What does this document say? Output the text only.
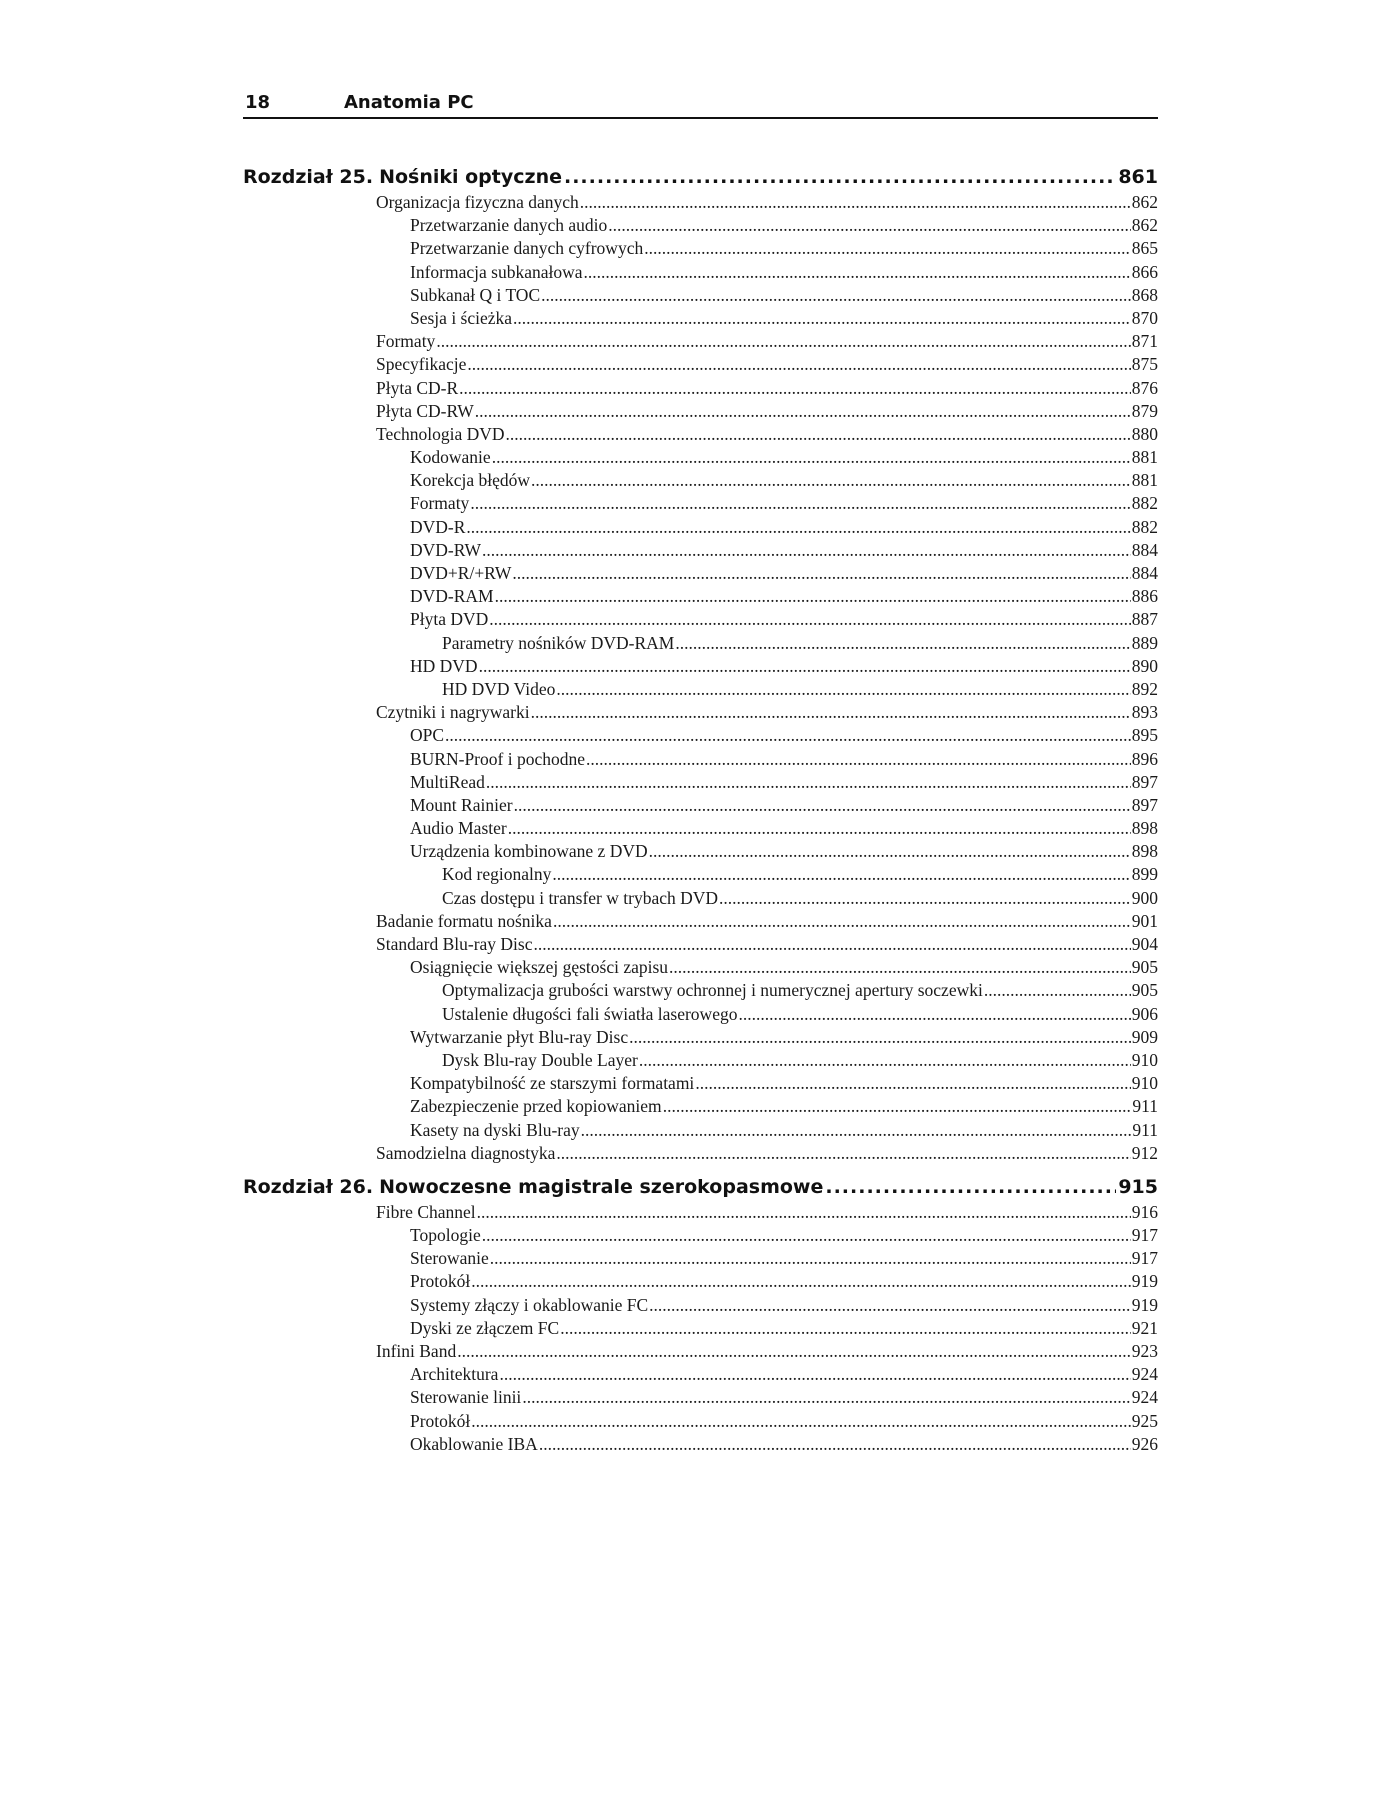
18	Anatomia PC
Rozdział 25. Nośniki optyczne .....	861
Organizacja fizyczna danych .....	862
Przetwarzanie danych audio .....	862
Przetwarzanie danych cyfrowych .....	865
Informacja subkanałowa .....	866
Subkanał Q i TOC .....	868
Sesja i ścieżka .....	870
Formaty .....	871
Specyfikacje .....	875
Płyta CD-R .....	876
Płyta CD-RW .....	879
Technologia DVD .....	880
Kodowanie .....	881
Korekcja błędów .....	881
Formaty .....	882
DVD-R .....	882
DVD-RW .....	884
DVD+R/+RW .....	884
DVD-RAM .....	886
Płyta DVD .....	887
Parametry nośników DVD-RAM .....	889
HD DVD .....	890
HD DVD Video .....	892
Czytniki i nagrywarki .....	893
OPC .....	895
BURN-Proof i pochodne .....	896
MultiRead .....	897
Mount Rainier .....	897
Audio Master .....	898
Urządzenia kombinowane z DVD .....	898
Kod regionalny .....	899
Czas dostępu i transfer w trybach DVD .....	900
Badanie formatu nośnika .....	901
Standard Blu-ray Disc .....	904
Osiągnięcie większej gęstości zapisu .....	905
Optymalizacja grubości warstwy ochronnej i numerycznej apertury soczewki .....	905
Ustalenie długości fali światła laserowego .....	906
Wytwarzanie płyt Blu-ray Disc .....	909
Dysk Blu-ray Double Layer .....	910
Kompatybilność ze starszymi formatami .....	910
Zabezpieczenie przed kopiowaniem .....	911
Kasety na dyski Blu-ray .....	911
Samodzielna diagnostyka .....	912
Rozdział 26. Nowoczesne magistrale szerokopasmowe .....	915
Fibre Channel .....	916
Topologie .....	917
Sterowanie .....	917
Protokół .....	919
Systemy złączy i okablowanie FC .....	919
Dyski ze złączem FC .....	921
Infini Band .....	923
Architektura .....	924
Sterowanie linii .....	924
Protokół .....	925
Okablowanie IBA .....	926
